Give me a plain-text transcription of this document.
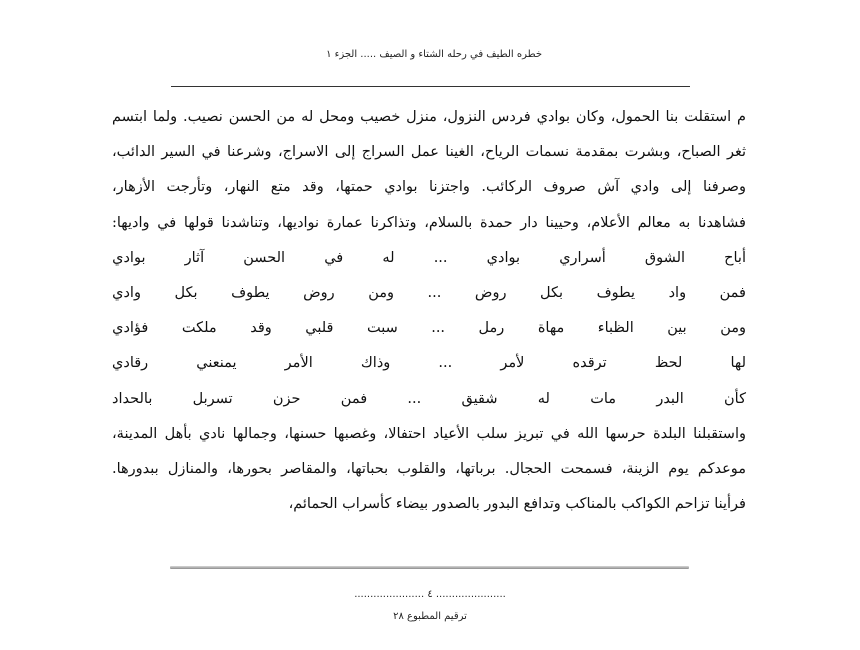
خطره الطيف في رحله الشتاء و الصيف ..... الجزء ١
م استقلت بنا الحمول، وكان بوادي فردس النزول، منزل خصيب ومحل له من الحسن نصيب. ولما ابتسم
ثغر الصباح، وبشرت بمقدمة نسمات الرياح، الغينا عمل السراج إلى الاسراج، وشرعنا في السير الدائب،
وصرفنا إلى وادي آش صروف الركائب. واجتزنا بوادي حمتها، وقد متع النهار، وتأرجت الأزهار،
فشاهدنا به معالم الأعلام، وحيينا دار حمدة بالسلام، وتذاكرنا عمارة نواديها، وتناشدنا قولها في واديها:
أباح
الشوق
أسراري
بوادي
...
له
في
الحسن
آثار
بوادي
فمن
واد
يطوف
بكل
روض
...
ومن
روض
يطوف
بكل
وادي
ومن
بين
الظباء
مهاة
رمل
...
سبت
قلبي
وقد
ملكت
فؤادي
لها
لحظ
ترقده
لأمر
...
وذاك
الأمر
يمنعني
رقادي
كأن
البدر
مات
له
شقيق
...
فمن
حزن
تسربل
بالحداد
واستقبلنا البلدة حرسها الله في تبريز سلب الأعياد احتفالا، وغصبها حسنها، وجمالها نادي بأهل المدينة،
موعدكم يوم الزينة، فسمحت الحجال. برباتها، والقلوب بحباتها، والمقاصر بحورها، والمنازل ببدورها.
فرأينا تزاحم الكواكب بالمناكب وتدافع البدور بالصدور بيضاء كأسراب الحمائم،
...................... ٤ ......................
ترقيم المطبوع ٢٨
